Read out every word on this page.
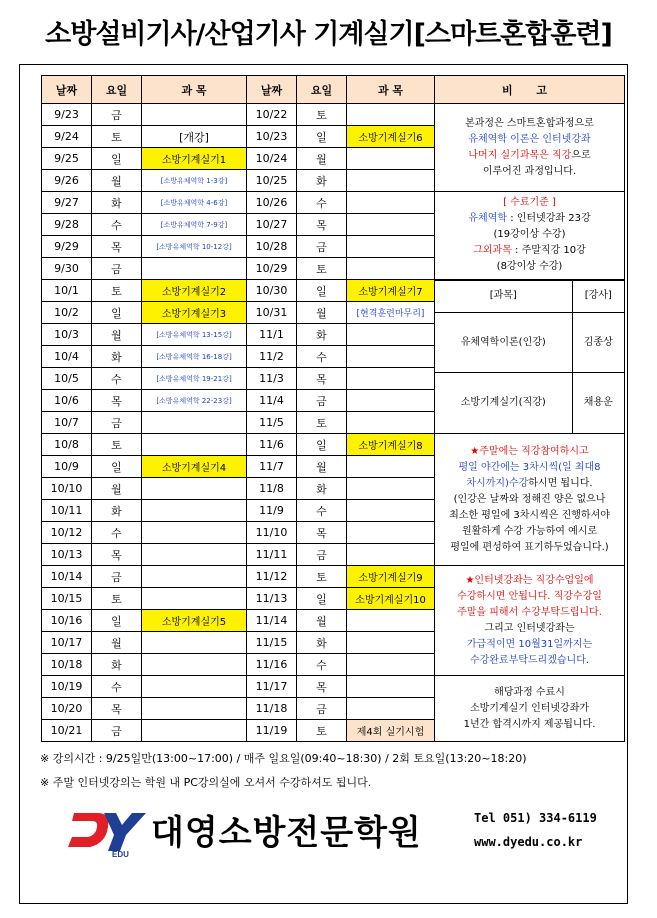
소방설비기사/산업기사 기계실기[스마트혼합훈련]
날짜	요일	과 목	날짜	요일	과 목	비 고
9/23	금		10/22	토		
본과정은 스마트혼합과정으로
유체역학 이론은 인터넷강좌
나머지 실기과목은 직강으로
이루어진 과정입니다.

9/24	토	[개강]	10/23	일	소방기계실기6
9/25	일	소방기계실기1	10/24	월	
9/26	월	[소방유체역학 1-3강]	10/25	화	
9/27	화	[소방유체역학 4-6강]	10/26	수		[ 수료기준 ]
유체역학 : 인터넷강좌 23강
(19강이상 수강)
그외과목 : 주말직강 10강
(8강이상 수강)

9/28	수	[소방유체역학 7-9강]	10/27	목	
9/29	목	[소방유체역학 10-12강]	10/28	금	
9/30	금		10/29	토	
10/1	토	소방기계실기2	10/30	일	소방기계실기7		[과목]	[강사]
유체역학이론(인강)	김종상
소방기계실기(직강)	채용운

10/2	일	소방기계실기3	10/31	월	[현격훈련마무리]
10/3	월	[소방유체역학 13-15강]	11/1	화	
10/4	화	[소방유체역학 16-18강]	11/2	수	
10/5	수	[소방유체역학 19-21강]	11/3	목	
10/6	목	[소방유체역학 22-23강]	11/4	금	
10/7	금		11/5	토	
10/8	토		11/6	일	소방기계실기8	★주말에는 직강참여하시고
평일 야간에는 3차시씩(일 최대8
차시까지)수강하시면 됩니다.
(인강은 날짜와 정해진 양은 없으나
최소한 평일에 3차시씩은 진행하셔야
원활하게 수강 가능하여 예시로
평일에 편성하여 표기하두었습니다.)

10/9	일	소방기계실기4	11/7	월	
10/10	월		11/8	화	
10/11	화		11/9	수	
10/12	수		11/10	목	
10/13	목		11/11	금	
10/14	금		11/12	토	소방기계실기9	★인터넷강좌는 직강수업일에
수강하시면 안됩니다. 직강수강일
주말을 피해서 수강부탁드립니다.
그리고 인터넷강좌는
가급적이면 10월31일까지는
수강완료부탁드리겠습니다.

10/15	토		11/13	일	소방기계실기10
10/16	일	소방기계실기5	11/14	월	
10/17	월		11/15	화	
10/18	화		11/16	수	
10/19	수		11/17	목		해당과정 수료시
소방기계실기 인터넷강좌가
1년간 합격시까지 제공됩니다.

10/20	목		11/18	금	
10/21	금		11/19	토	제4회 실기시험
※ 강의시간 : 9/25일만(13:00~17:00) / 매주 일요일(09:40~18:30) / 2회 토요일(13:20~18:20)
※ 주말 인터넷강의는 학원 내 PC강의실에 오셔서 수강하셔도 됩니다.
EDU
대영소방전문학원	Tel 051) 334-6119
www.dyedu.co.kr
